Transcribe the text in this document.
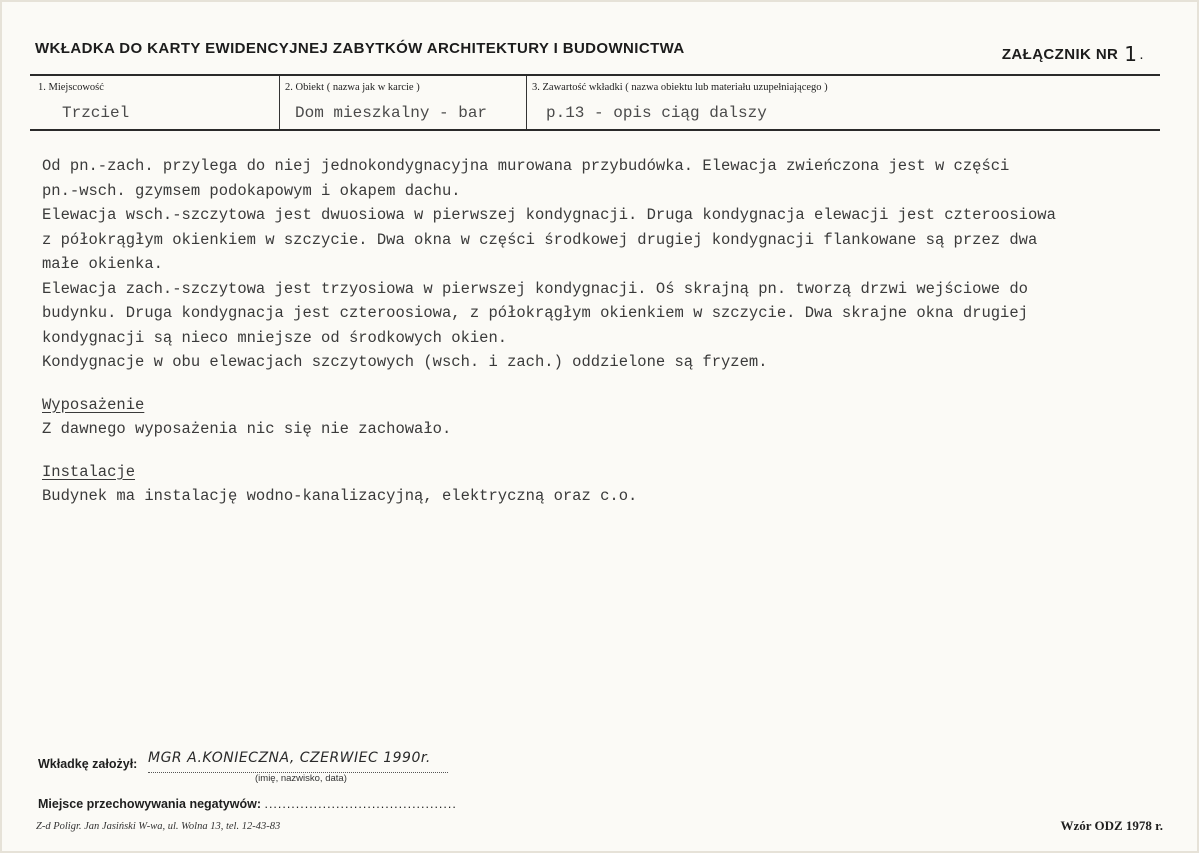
WKŁADKA DO KARTY EWIDENCYJNEJ ZABYTKÓW ARCHITEKTURY I BUDOWNICTWA	ZAŁĄCZNIK NR 1 .
1. Miejscowość
Trzciel
2. Obiekt ( nazwa jak w karcie )
Dom mieszkalny - bar
3. Zawartość wkładki ( nazwa obiektu lub materiału uzupełniającego )
p.13 - opis ciąg dalszy
Od pn.-zach. przylega do niej jednokondygnacyjna murowana przybudówka. Elewacja zwieńczona jest w części
pn.-wsch. gzymsem podokapowym i okapem dachu.
Elewacja wsch.-szczytowa jest dwuosiowa w pierwszej kondygnacji. Druga kondygnacja elewacji jest czteroosiowa
z półokrągłym okienkiem w szczycie. Dwa okna w części środkowej drugiej kondygnacji flankowane są przez dwa
małe okienka.
Elewacja zach.-szczytowa jest trzyosiowa w pierwszej kondygnacji. Oś skrajną pn. tworzą drzwi wejściowe do
budynku. Druga kondygnacja jest czteroosiowa, z półokrągłym okienkiem w szczycie. Dwa skrajne okna drugiej
kondygnacji są nieco mniejsze od środkowych okien.
Kondygnacje w obu elewacjach szczytowych (wsch. i zach.) oddzielone są fryzem.
Wyposażenie
Z dawnego wyposażenia nic się nie zachowało.
Instalacje
Budynek ma instalację wodno-kanalizacyjną, elektryczną oraz c.o.
Wkładkę założył: MGR A.KONIECZNA, CZERWIEC 1990r.
(imię, nazwisko, data)
Miejsce przechowywania negatywów: ...........................................
Z-d Poligr. Jan Jasiński W-wa, ul. Wolna 13, tel. 12-43-83	Wzór ODZ 1978 r.
